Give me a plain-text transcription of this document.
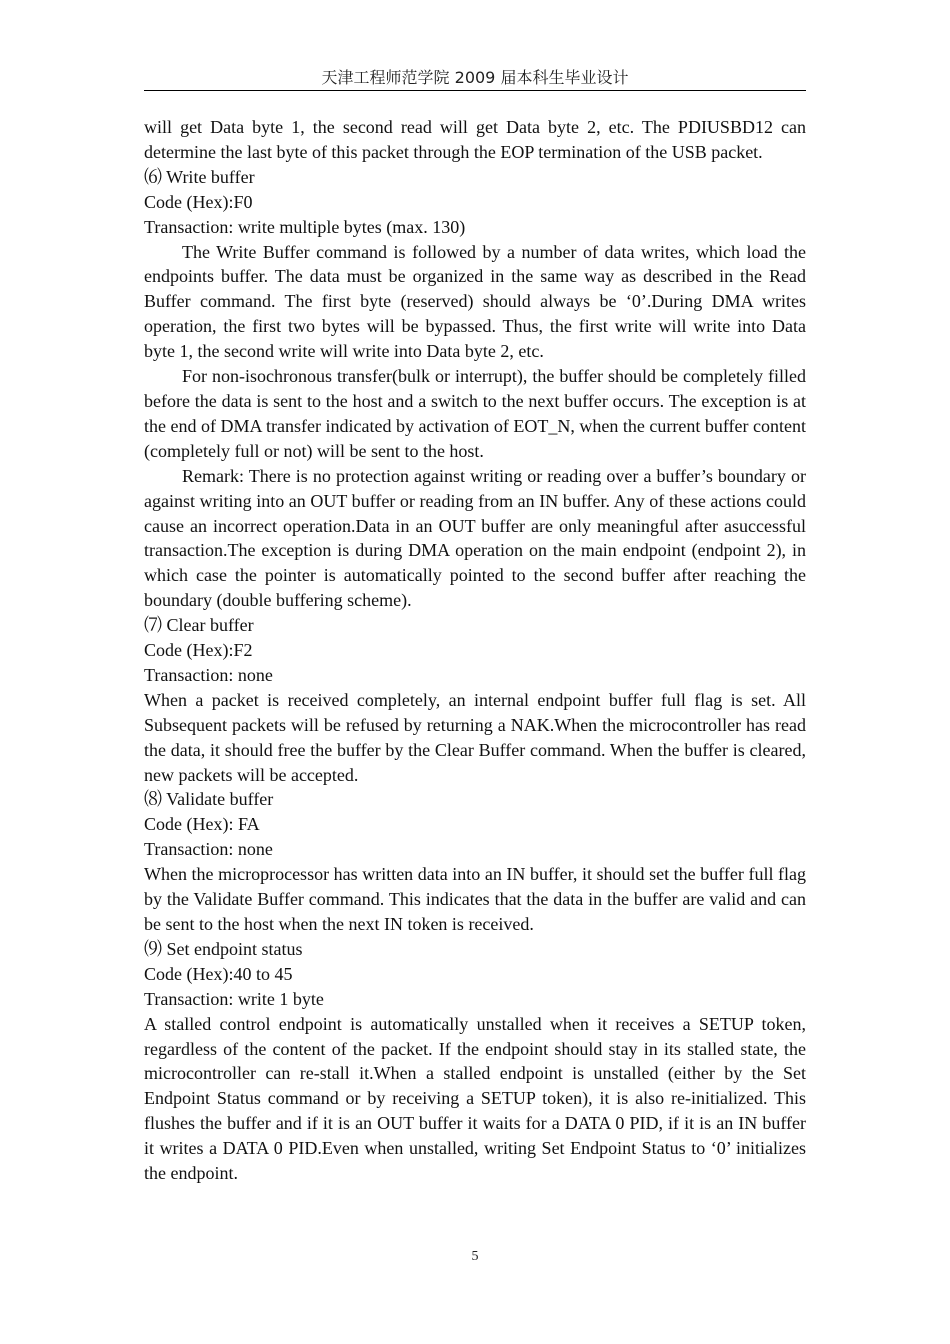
天津工程师范学院 2009 届本科生毕业设计

will get Data byte 1, the second read will get Data byte 2, etc. The PDIUSBD12 can determine the last byte of this packet through the EOP termination of the USB packet.

⑹ Write buffer

Code (Hex):F0

Transaction: write multiple bytes (max. 130)

The Write Buffer command is followed by a number of data writes, which load the endpoints buffer. The data must be organized in the same way as described in the Read Buffer command. The first byte (reserved) should always be ‘0’.During DMA writes operation, the first two bytes will be bypassed. Thus, the first write will write into Data byte 1, the second write will write into Data byte 2, etc.

For non-isochronous transfer(bulk or interrupt), the buffer should be completely filled before the data is sent to the host and a switch to the next buffer occurs. The exception is at the end of DMA transfer indicated by activation of EOT_N, when the current buffer content (completely full or not) will be sent to the host.

Remark: There is no protection against writing or reading over a buffer’s boundary or against writing into an OUT buffer or reading from an IN buffer. Any of these actions could cause an incorrect operation.Data in an OUT buffer are only meaningful after asuccessful transaction.The exception is during DMA operation on the main endpoint (endpoint 2), in which case the pointer is automatically pointed to the second buffer after reaching the boundary (double buffering scheme).

⑺ Clear buffer

Code (Hex):F2

Transaction: none

When a packet is received completely, an internal endpoint buffer full flag is set. All Subsequent packets will be refused by returning a NAK.When the microcontroller has read the data, it should free the buffer by the Clear Buffer command. When the buffer is cleared, new packets will be accepted.

⑻ Validate buffer

Code (Hex): FA

Transaction: none

When the microprocessor has written data into an IN buffer, it should set the buffer full flag by the Validate Buffer command. This indicates that the data in the buffer are valid and can be sent to the host when the next IN token is received.

⑼ Set endpoint status

Code (Hex):40 to 45

Transaction: write 1 byte

A stalled control endpoint is automatically unstalled when it receives a SETUP token, regardless of the content of the packet. If the endpoint should stay in its stalled state, the microcontroller can re-stall it.When a stalled endpoint is unstalled (either by the Set Endpoint Status command or by receiving a SETUP token), it is also re-initialized. This flushes the buffer and if it is an OUT buffer it waits for a DATA 0 PID, if it is an IN buffer it writes a DATA 0 PID.Even when unstalled, writing Set Endpoint Status to ‘0’ initializes the endpoint.

5
